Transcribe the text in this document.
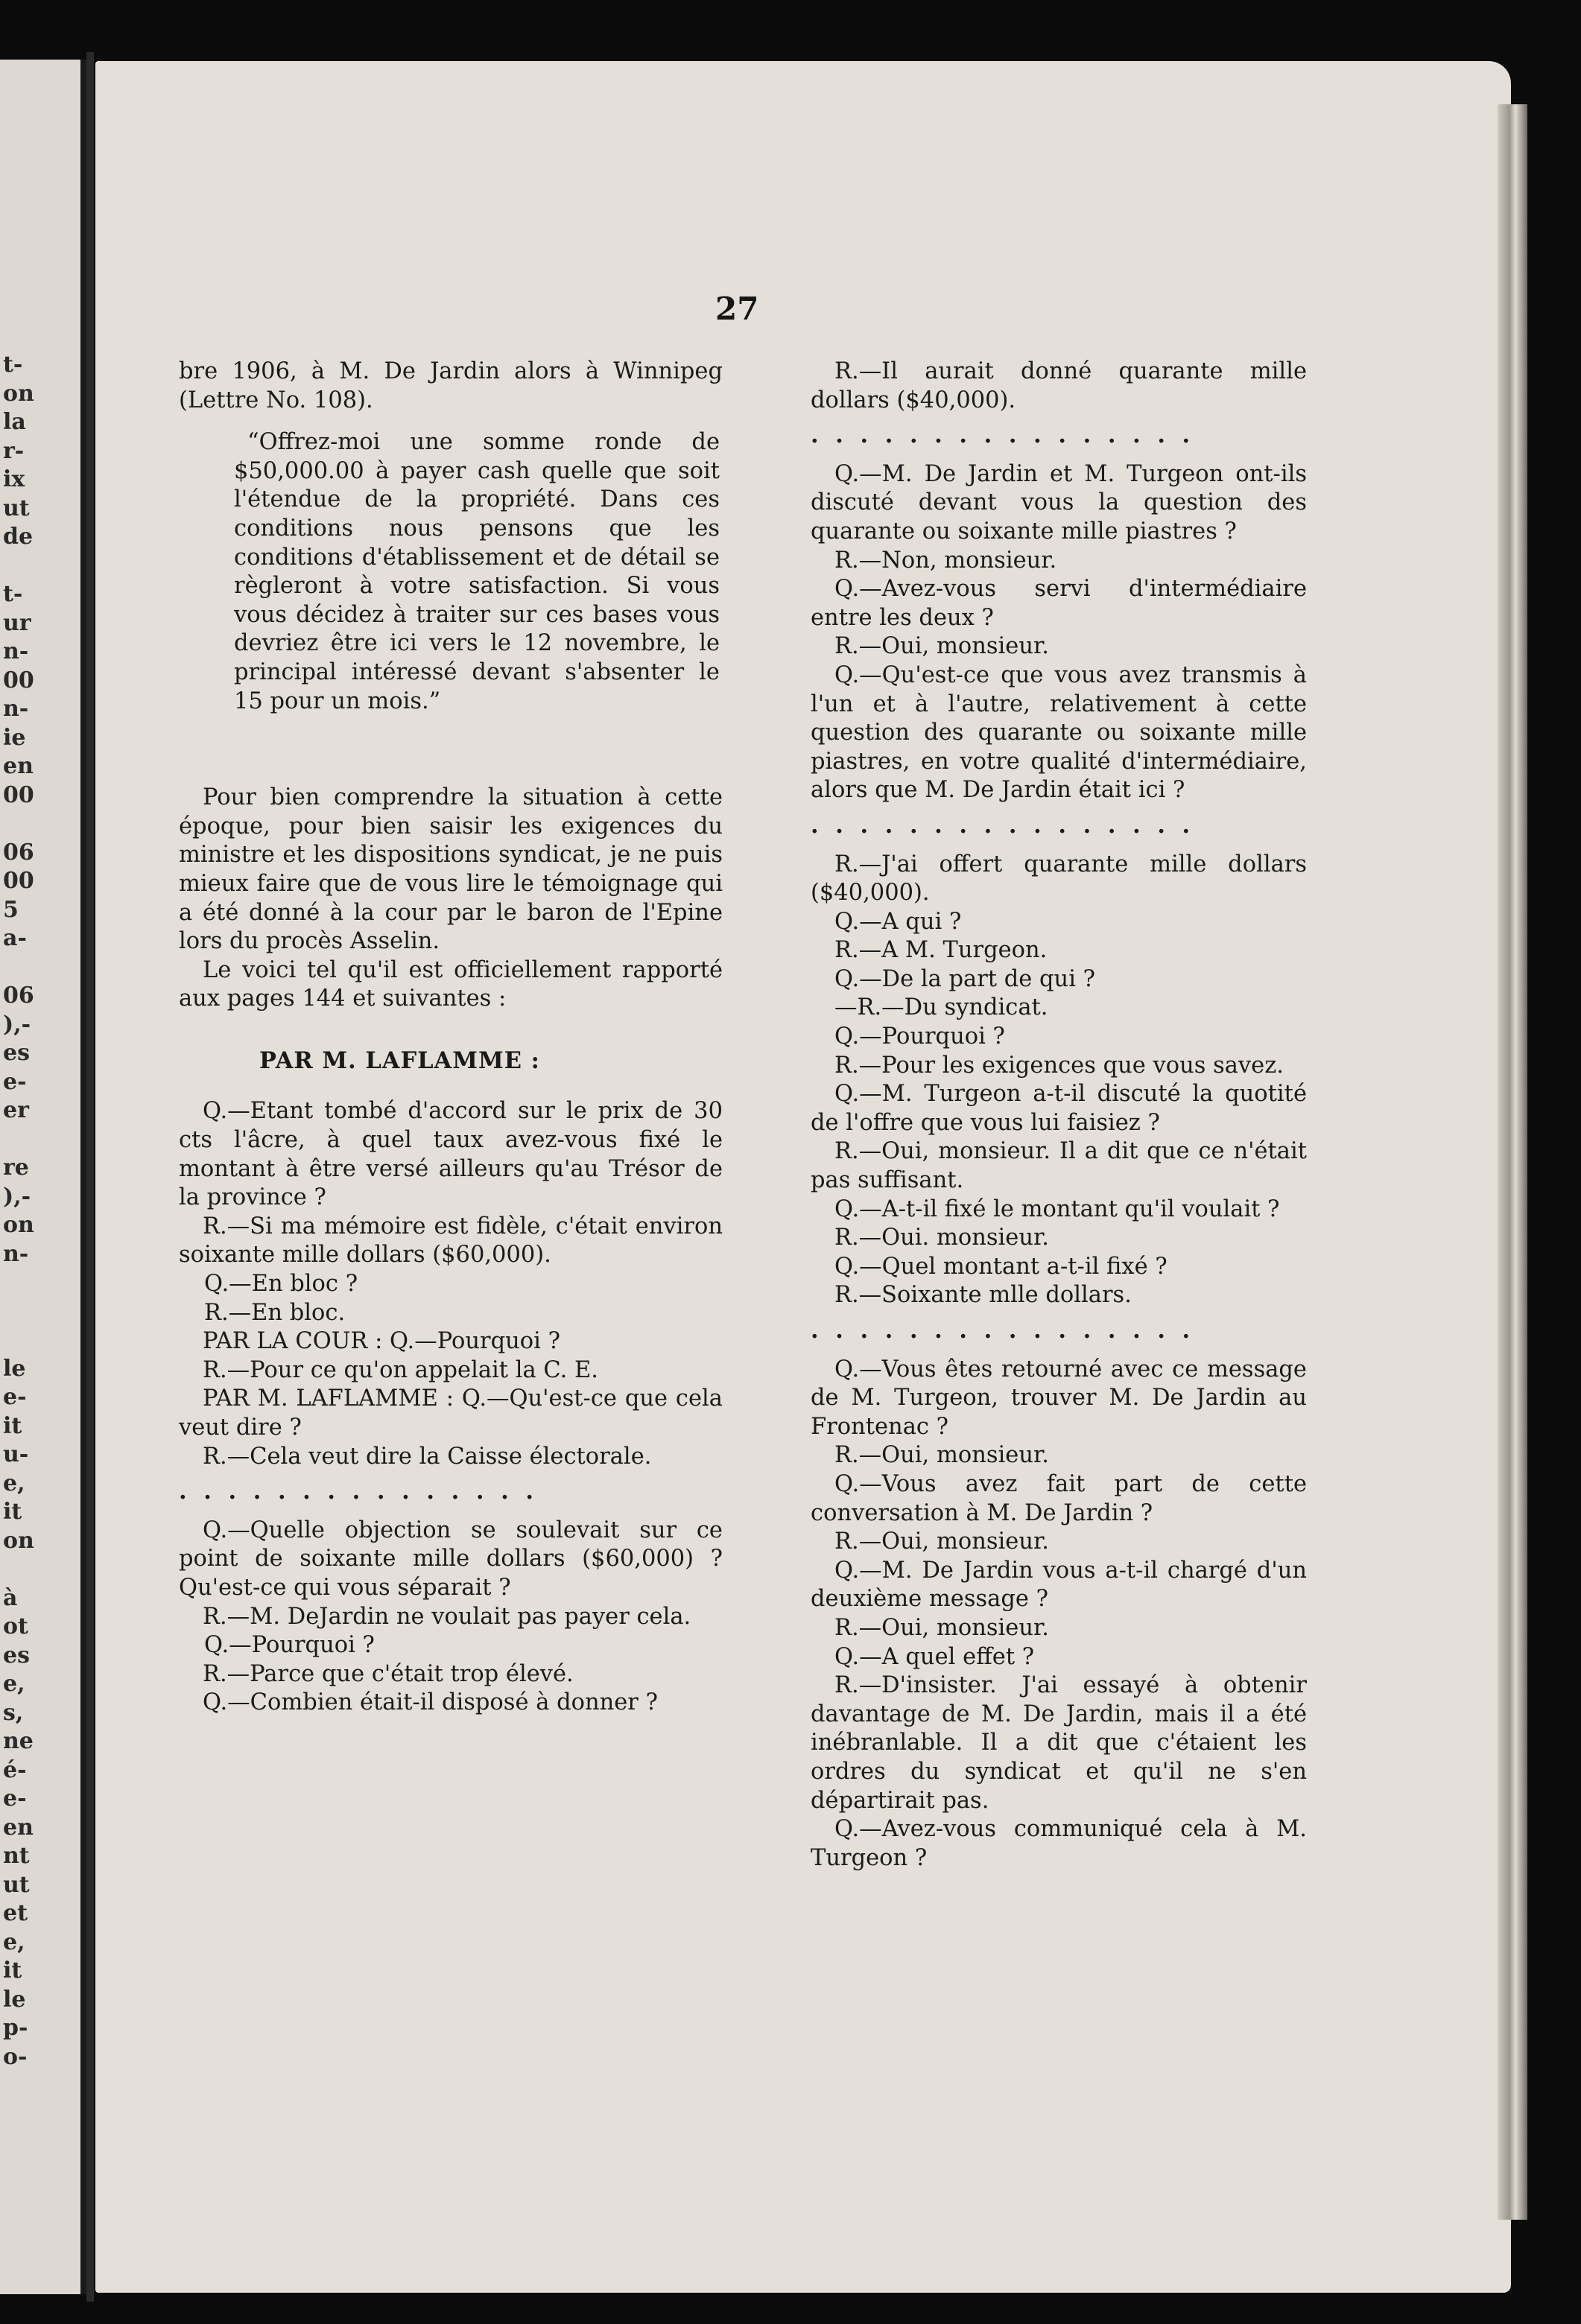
t-
on
la
r-
ix
ut
de
t-
ur
n-
00
n-
ie
en
00
06
00
5
a-
06
),-
es
e-
er
re
),-
on
n-
le
e-
it
u-
e,
it
on
à
ot
es
e,
s,
ne
é-
e-
en
nt
ut
et
e,
it
le
p-
o-
27

bre 1906, à M. De Jardin alors à Winnipeg (Lettre No. 108).

“Offrez-moi une somme ronde de $50,000.00 à payer cash quelle que soit l'étendue de la propriété. Dans ces conditions nous pensons que les conditions d'établissement et de détail se règleront à votre satisfaction. Si vous vous décidez à traiter sur ces bases vous devriez être ici vers le 12 novembre, le principal intéressé devant s'absenter le 15 pour un mois.”

Pour bien comprendre la situation à cette époque, pour bien saisir les exigences du ministre et les dispositions syndicat, je ne puis mieux faire que de vous lire le témoignage qui a été donné à la cour par le baron de l'Epine lors du procès Asselin.

Le voici tel qu'il est officiellement rapporté aux pages 144 et suivantes :

PAR M. LAFLAMME :

Q.—Etant tombé d'accord sur le prix de 30 cts l'âcre, à quel taux avez-vous fixé le montant à être versé ailleurs qu'au Trésor de la province ?

R.—Si ma mémoire est fidèle, c'était environ soixante mille dollars ($60,000).

Q.—En bloc ?

R.—En bloc.

PAR LA COUR : Q.—Pourquoi ?

R.—Pour ce qu'on appelait la C. E.

PAR M. LAFLAMME : Q.—Qu'est-ce que cela veut dire ?

R.—Cela veut dire la Caisse électorale.

. . . . . . . . . . . . . . .

Q.—Quelle objection se soulevait sur ce point de soixante mille dollars ($60,000) ? Qu'est-ce qui vous séparait ?

R.—M. DeJardin ne voulait pas payer cela.

Q.—Pourquoi ?

R.—Parce que c'était trop élevé.

Q.—Combien était-il disposé à donner ?

R.—Il aurait donné quarante mille dollars ($40,000).

. . . . . . . . . . . . . . . .

Q.—M. De Jardin et M. Turgeon ont-ils discuté devant vous la question des quarante ou soixante mille piastres ?

R.—Non, monsieur.

Q.—Avez-vous servi d'intermédiaire entre les deux ?

R.—Oui, monsieur.

Q.—Qu'est-ce que vous avez transmis à l'un et à l'autre, relativement à cette question des quarante ou soixante mille piastres, en votre qualité d'intermédiaire, alors que M. De Jardin était ici ?

. . . . . . . . . . . . . . . .

R.—J'ai offert quarante mille dollars ($40,000).

Q.—A qui ?

R.—A M. Turgeon.

Q.—De la part de qui ?

—R.—Du syndicat.

Q.—Pourquoi ?

R.—Pour les exigences que vous savez.

Q.—M. Turgeon a-t-il discuté la quotité de l'offre que vous lui faisiez ?

R.—Oui, monsieur. Il a dit que ce n'était pas suffisant.

Q.—A-t-il fixé le montant qu'il voulait ?

R.—Oui. monsieur.

Q.—Quel montant a-t-il fixé ?

R.—Soixante mlle dollars.

. . . . . . . . . . . . . . . .

Q.—Vous êtes retourné avec ce message de M. Turgeon, trouver M. De Jardin au Frontenac ?

R.—Oui, monsieur.

Q.—Vous avez fait part de cette conversation à M. De Jardin ?

R.—Oui, monsieur.

Q.—M. De Jardin vous a-t-il chargé d'un deuxième message ?

R.—Oui, monsieur.

Q.—A quel effet ?

R.—D'insister. J'ai essayé à obtenir davantage de M. De Jardin, mais il a été inébranlable. Il a dit que c'étaient les ordres du syndicat et qu'il ne s'en départirait pas.

Q.—Avez-vous communiqué cela à M. Turgeon ?
